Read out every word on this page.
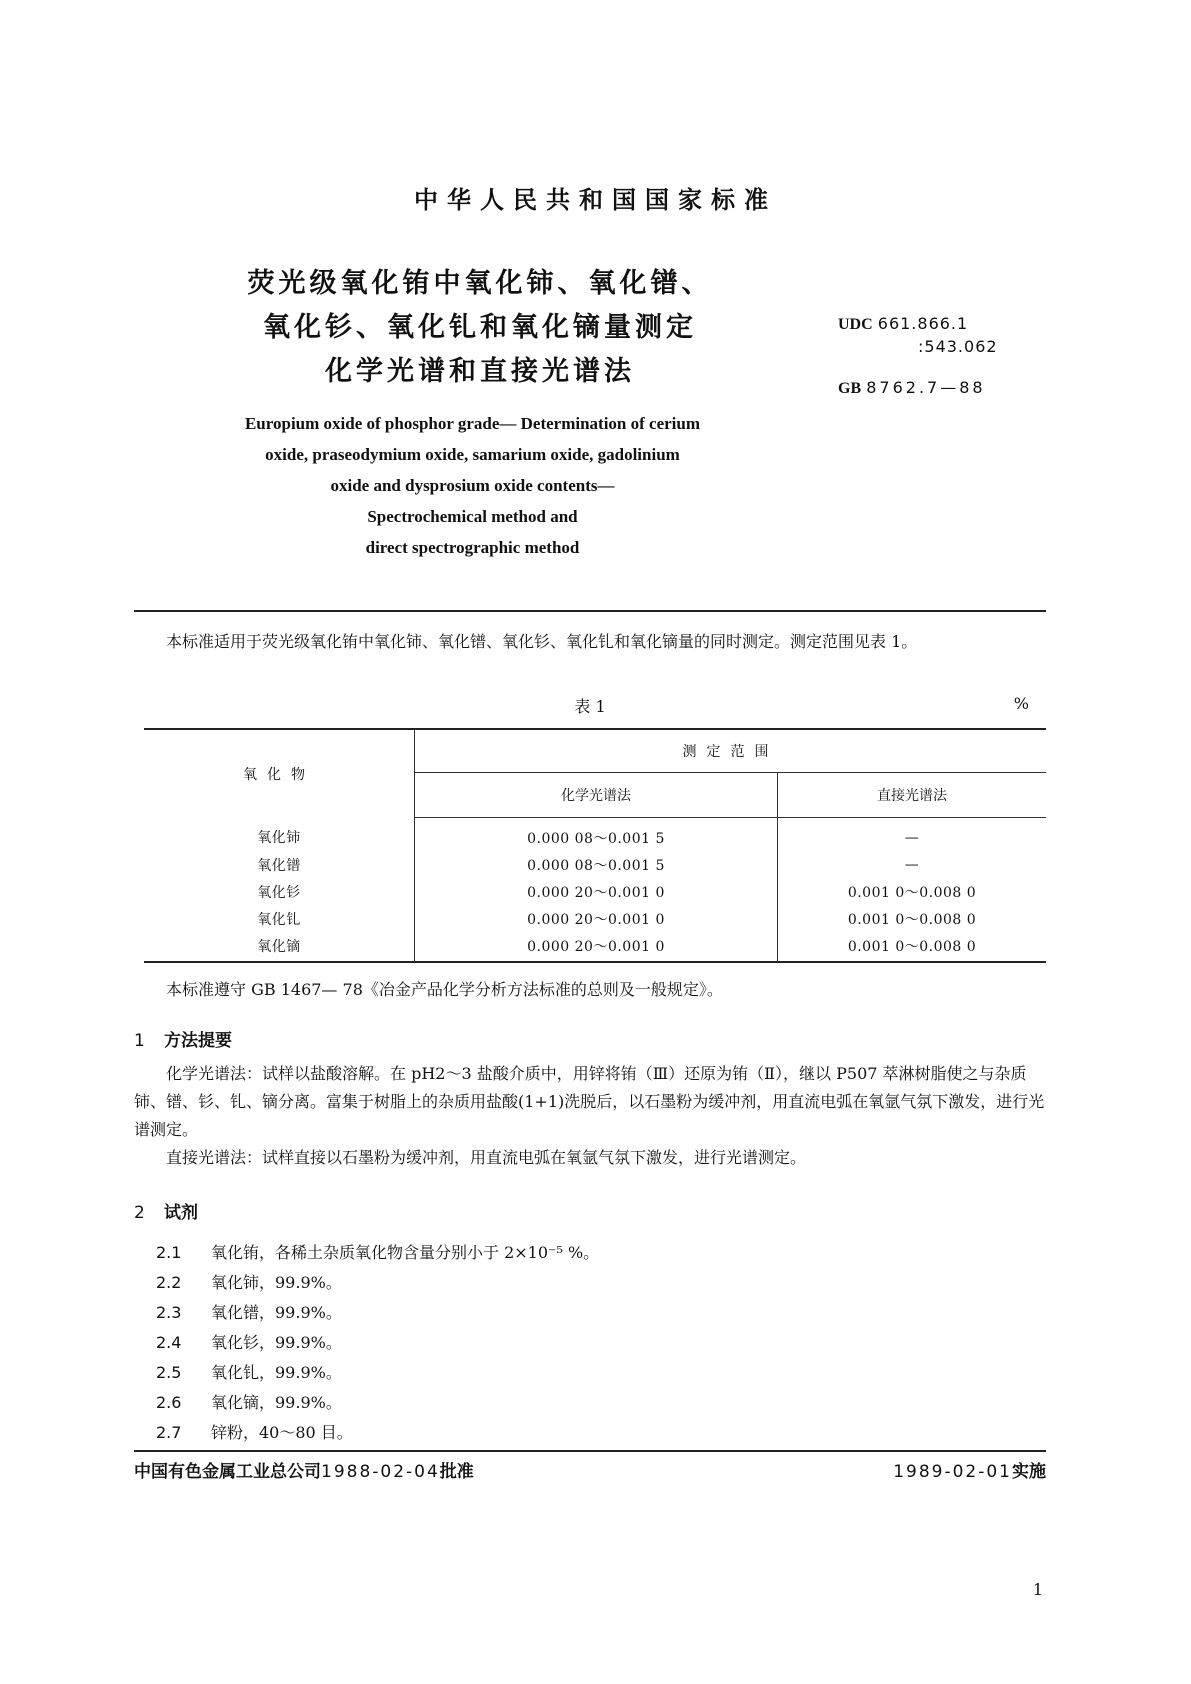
中华人民共和国国家标准
荧光级氧化铕中氧化铈、氧化镨、
氧化钐、氧化钆和氧化镝量测定
化学光谱和直接光谱法
UDC 661.866.1
:543.062
GB 8762.7—88
Europium oxide of phosphor grade— Determination of cerium
oxide, praseodymium oxide, samarium oxide, gadolinium
oxide and dysprosium oxide contents—
Spectrochemical method and
direct spectrographic method
本标准适用于荧光级氧化铕中氧化铈、氧化镨、氧化钐、氧化钆和氧化镝量的同时测定。测定范围见表 1。
表 1	%
氧化物	测定范围	
	化学光谱法	直接光谱法
氧化铈	0.000 08～0.001 5	—
氧化镨	0.000 08～0.001 5	—
氧化钐	0.000 20～0.001 0	0.001 0～0.008 0
氧化钆	0.000 20～0.001 0	0.001 0～0.008 0
氧化镝	0.000 20～0.001 0	0.001 0～0.008 0
本标准遵守 GB 1467— 78《冶金产品化学分析方法标准的总则及一般规定》。
1 方法提要
化学光谱法：试样以盐酸溶解。在 pH2～3 盐酸介质中，用锌将铕（Ⅲ）还原为铕（Ⅱ），继以 P507 萃淋树脂使之与杂质铈、镨、钐、钆、镝分离。富集于树脂上的杂质用盐酸(1+1)洗脱后，以石墨粉为缓冲剂，用直流电弧在氧氩气氛下激发，进行光谱测定。
直接光谱法：试样直接以石墨粉为缓冲剂，用直流电弧在氧氩气氛下激发，进行光谱测定。
2 试剂
2.1 氧化铕，各稀土杂质氧化物含量分别小于 2×10⁻⁵ %。
2.2 氧化铈，99.9%。
2.3 氧化镨，99.9%。
2.4 氧化钐，99.9%。
2.5 氧化钆，99.9%。
2.6 氧化镝，99.9%。
2.7 锌粉，40～80 目。
中国有色金属工业总公司1988-02-04批准	1989-02-01实施
1
